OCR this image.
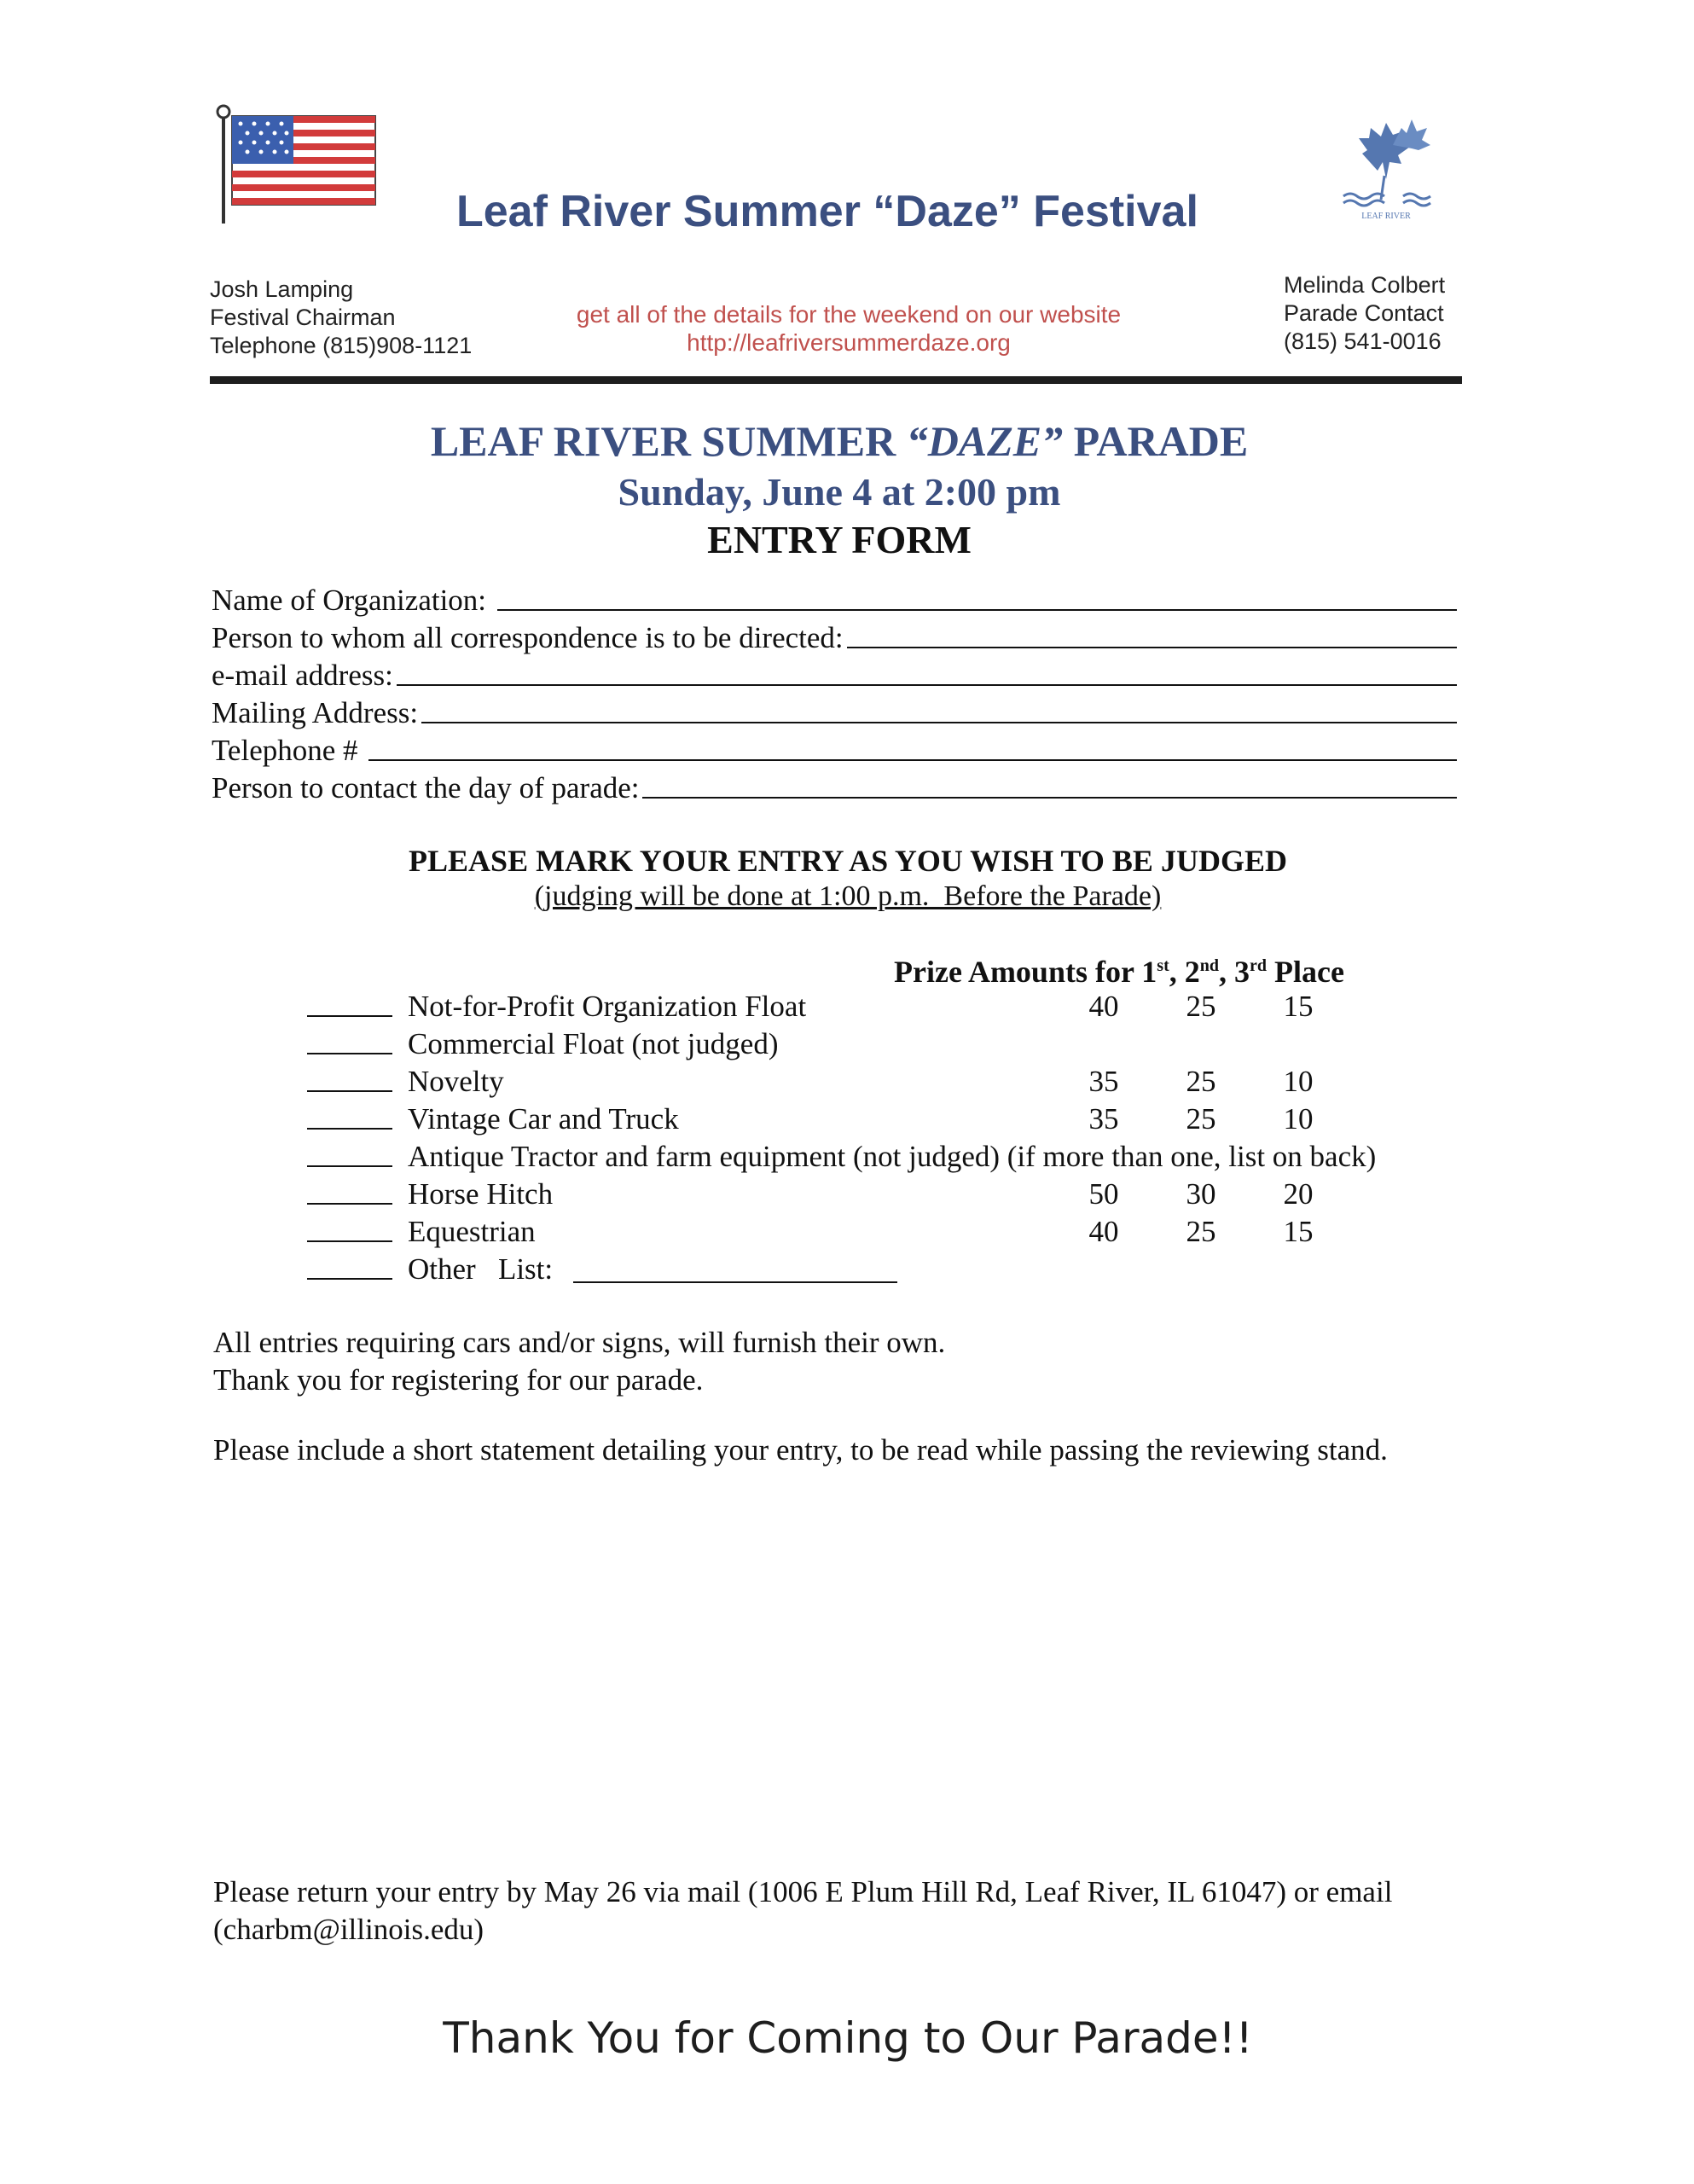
Leaf River Summer “Daze” Festival	LEAF RIVER
Josh Lamping
Festival Chairman
Telephone (815)908-1121
get all of the details for the weekend on our website
http://leafriversummerdaze.org
Melinda Colbert
Parade Contact
(815) 541-0016
LEAF RIVER SUMMER “DAZE” PARADE
Sunday, June 4 at 2:00 pm
ENTRY FORM
Name of Organization:
Person to whom all correspondence is to be directed:
e-mail address:
Mailing Address:
Telephone #
Person to contact the day of parade:
PLEASE MARK YOUR ENTRY AS YOU WISH TO BE JUDGED
(judging will be done at 1:00 p.m.  Before the Parade)
Prize Amounts for 1st, 2nd, 3rd Place
Not-for-Profit Organization Float	40	25	15
Commercial Float (not judged)
Novelty	35	25	10
Vintage Car and Truck	35	25	10
Antique Tractor and farm equipment (not judged) (if more than one, list on back)
Horse Hitch	50	30	20
Equestrian	40	25	15
Other   List:
All entries requiring cars and/or signs, will furnish their own.
Thank you for registering for our parade.
Please include a short statement detailing your entry, to be read while passing the reviewing stand.
Please return your entry by May 26 via mail (1006 E Plum Hill Rd, Leaf River, IL 61047) or email (charbm@illinois.edu)
Thank You for Coming to Our Parade!!
